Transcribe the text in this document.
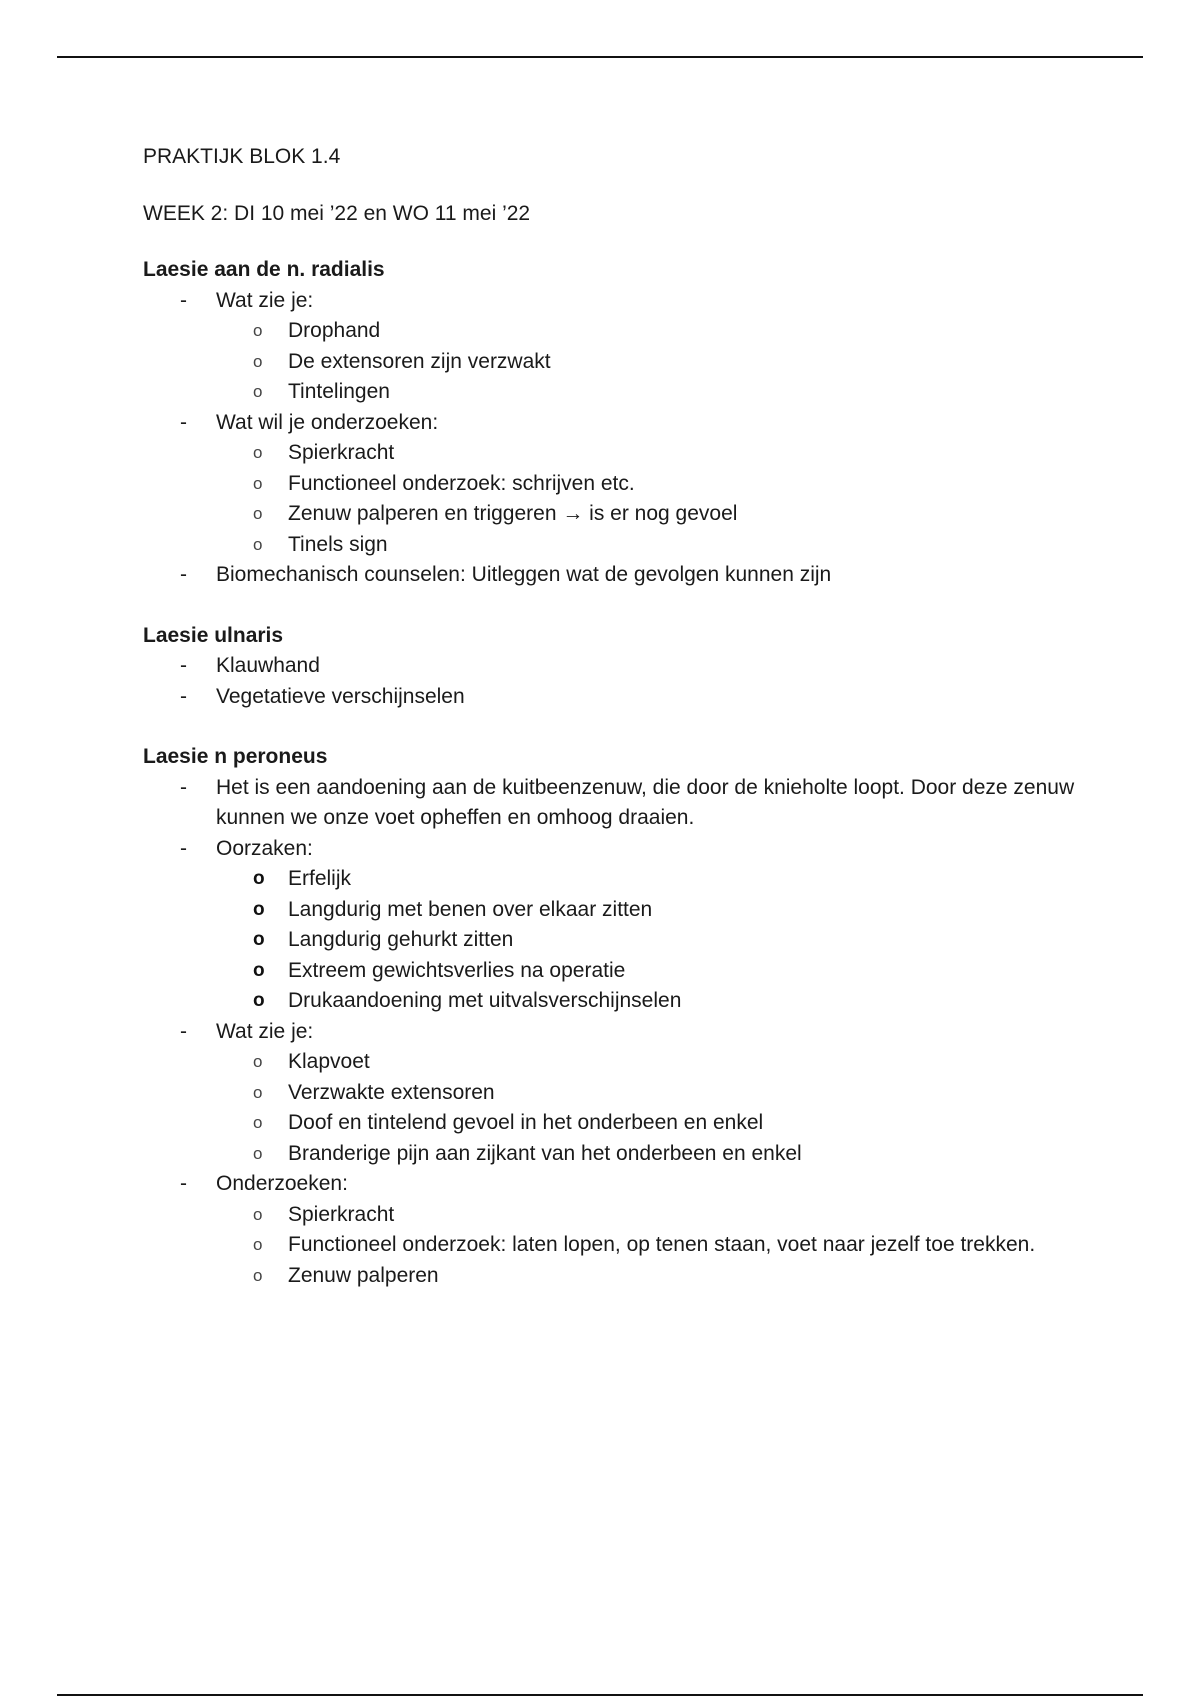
PRAKTIJK BLOK 1.4

WEEK 2: DI 10 mei ’22 en WO 11 mei ’22

Laesie aan de n. radialis

- Wat zie je:
o Drophand
o De extensoren zijn verzwakt
o Tintelingen
- Wat wil je onderzoeken:
o Spierkracht
o Functioneel onderzoek: schrijven etc.
o Zenuw palperen en triggeren → is er nog gevoel
o Tinels sign
- Biomechanisch counselen: Uitleggen wat de gevolgen kunnen zijn

Laesie ulnaris

- Klauwhand
- Vegetatieve verschijnselen

Laesie n peroneus

- Het is een aandoening aan de kuitbeenzenuw, die door de knieholte loopt. Door deze zenuw kunnen we onze voet opheffen en omhoog draaien.
- Oorzaken:
o Erfelijk
o Langdurig met benen over elkaar zitten
o Langdurig gehurkt zitten
o Extreem gewichtsverlies na operatie
o Drukaandoening met uitvalsverschijnselen
- Wat zie je:
o Klapvoet
o Verzwakte extensoren
o Doof en tintelend gevoel in het onderbeen en enkel
o Branderige pijn aan zijkant van het onderbeen en enkel
- Onderzoeken:
o Spierkracht
o Functioneel onderzoek: laten lopen, op tenen staan, voet naar jezelf toe trekken.
o Zenuw palperen
